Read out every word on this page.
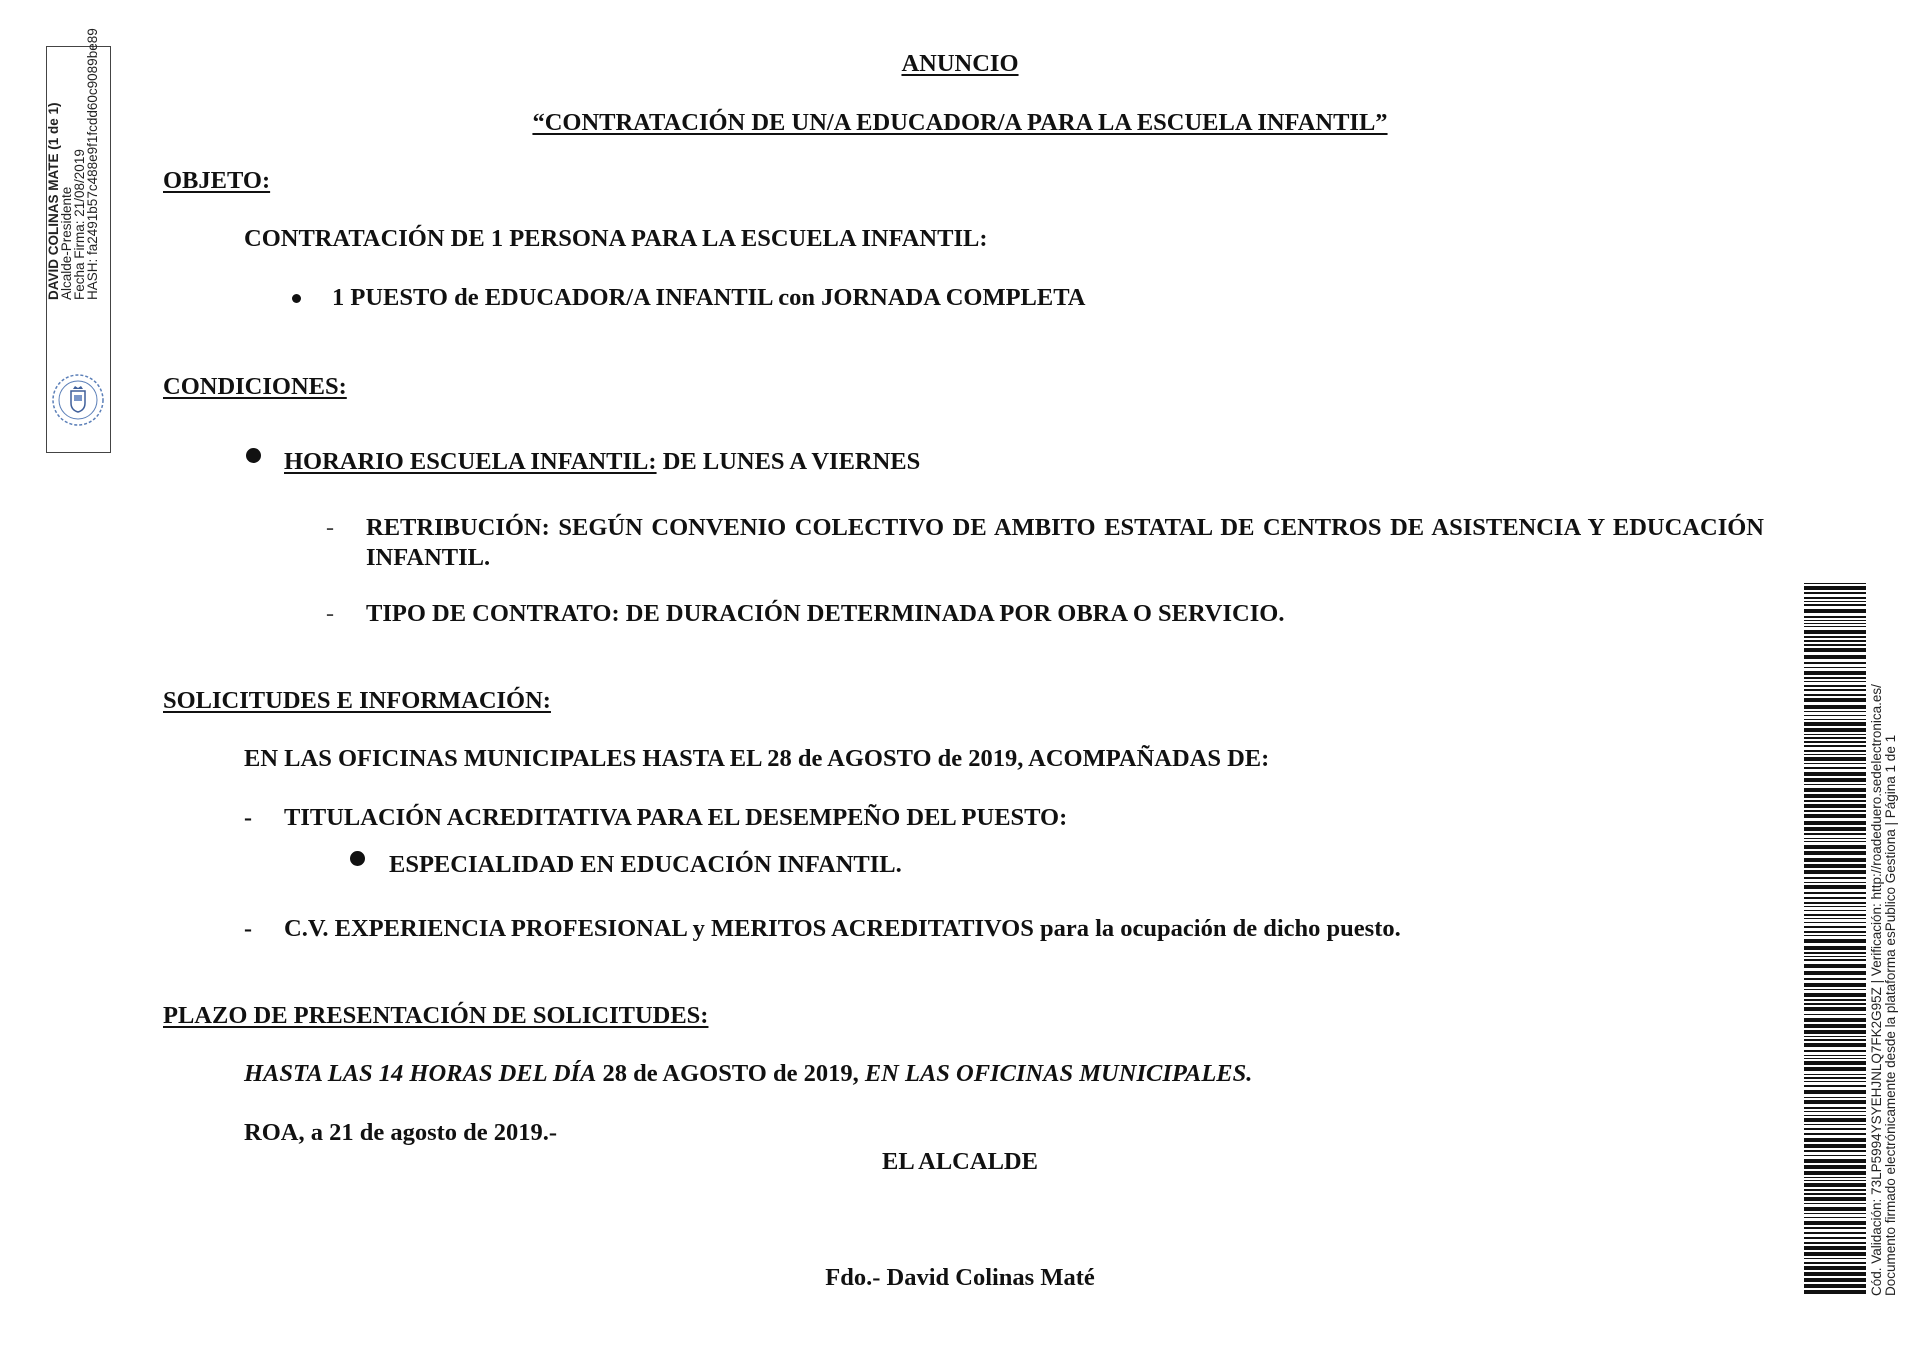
ANUNCIO
“CONTRATACIÓN DE UN/A EDUCADOR/A PARA LA ESCUELA INFANTIL”
OBJETO:
CONTRATACIÓN DE 1 PERSONA PARA LA ESCUELA INFANTIL:
1 PUESTO de EDUCADOR/A INFANTIL con JORNADA COMPLETA
CONDICIONES:
HORARIO ESCUELA INFANTIL: DE LUNES A VIERNES
- RETRIBUCIÓN: SEGÚN CONVENIO COLECTIVO DE AMBITO ESTATAL DE CENTROS DE ASISTENCIA Y EDUCACIÓN INFANTIL.
- TIPO DE CONTRATO: DE DURACIÓN DETERMINADA POR OBRA O SERVICIO.
SOLICITUDES E INFORMACIÓN:
EN LAS OFICINAS MUNICIPALES HASTA EL 28 de AGOSTO de 2019, ACOMPAÑADAS DE:
- TITULACIÓN ACREDITATIVA PARA EL DESEMPEÑO DEL PUESTO:
ESPECIALIDAD EN EDUCACIÓN INFANTIL.
- C.V. EXPERIENCIA PROFESIONAL y MERITOS ACREDITATIVOS para la ocupación de dicho puesto.
PLAZO DE PRESENTACIÓN DE SOLICITUDES:
HASTA LAS 14 HORAS DEL DÍA 28 de AGOSTO de 2019, EN LAS OFICINAS MUNICIPALES.
ROA, a 21 de agosto de 2019.-
EL ALCALDE
Fdo.- David Colinas Maté
DAVID COLINAS MATE (1 de 1)
Alcalde-Presidente
Fecha Firma: 21/08/2019
HASH: fa2491b57c488e9f1fcdd60c9089be89
Cód. Validación: 73LP5994YSYEHJNLQ7FK2G95Z | Verificación: http://roadeduero.sedelectronica.es/ Documento firmado electrónicamente desde la plataforma esPublico Gestiona | Página 1 de 1
